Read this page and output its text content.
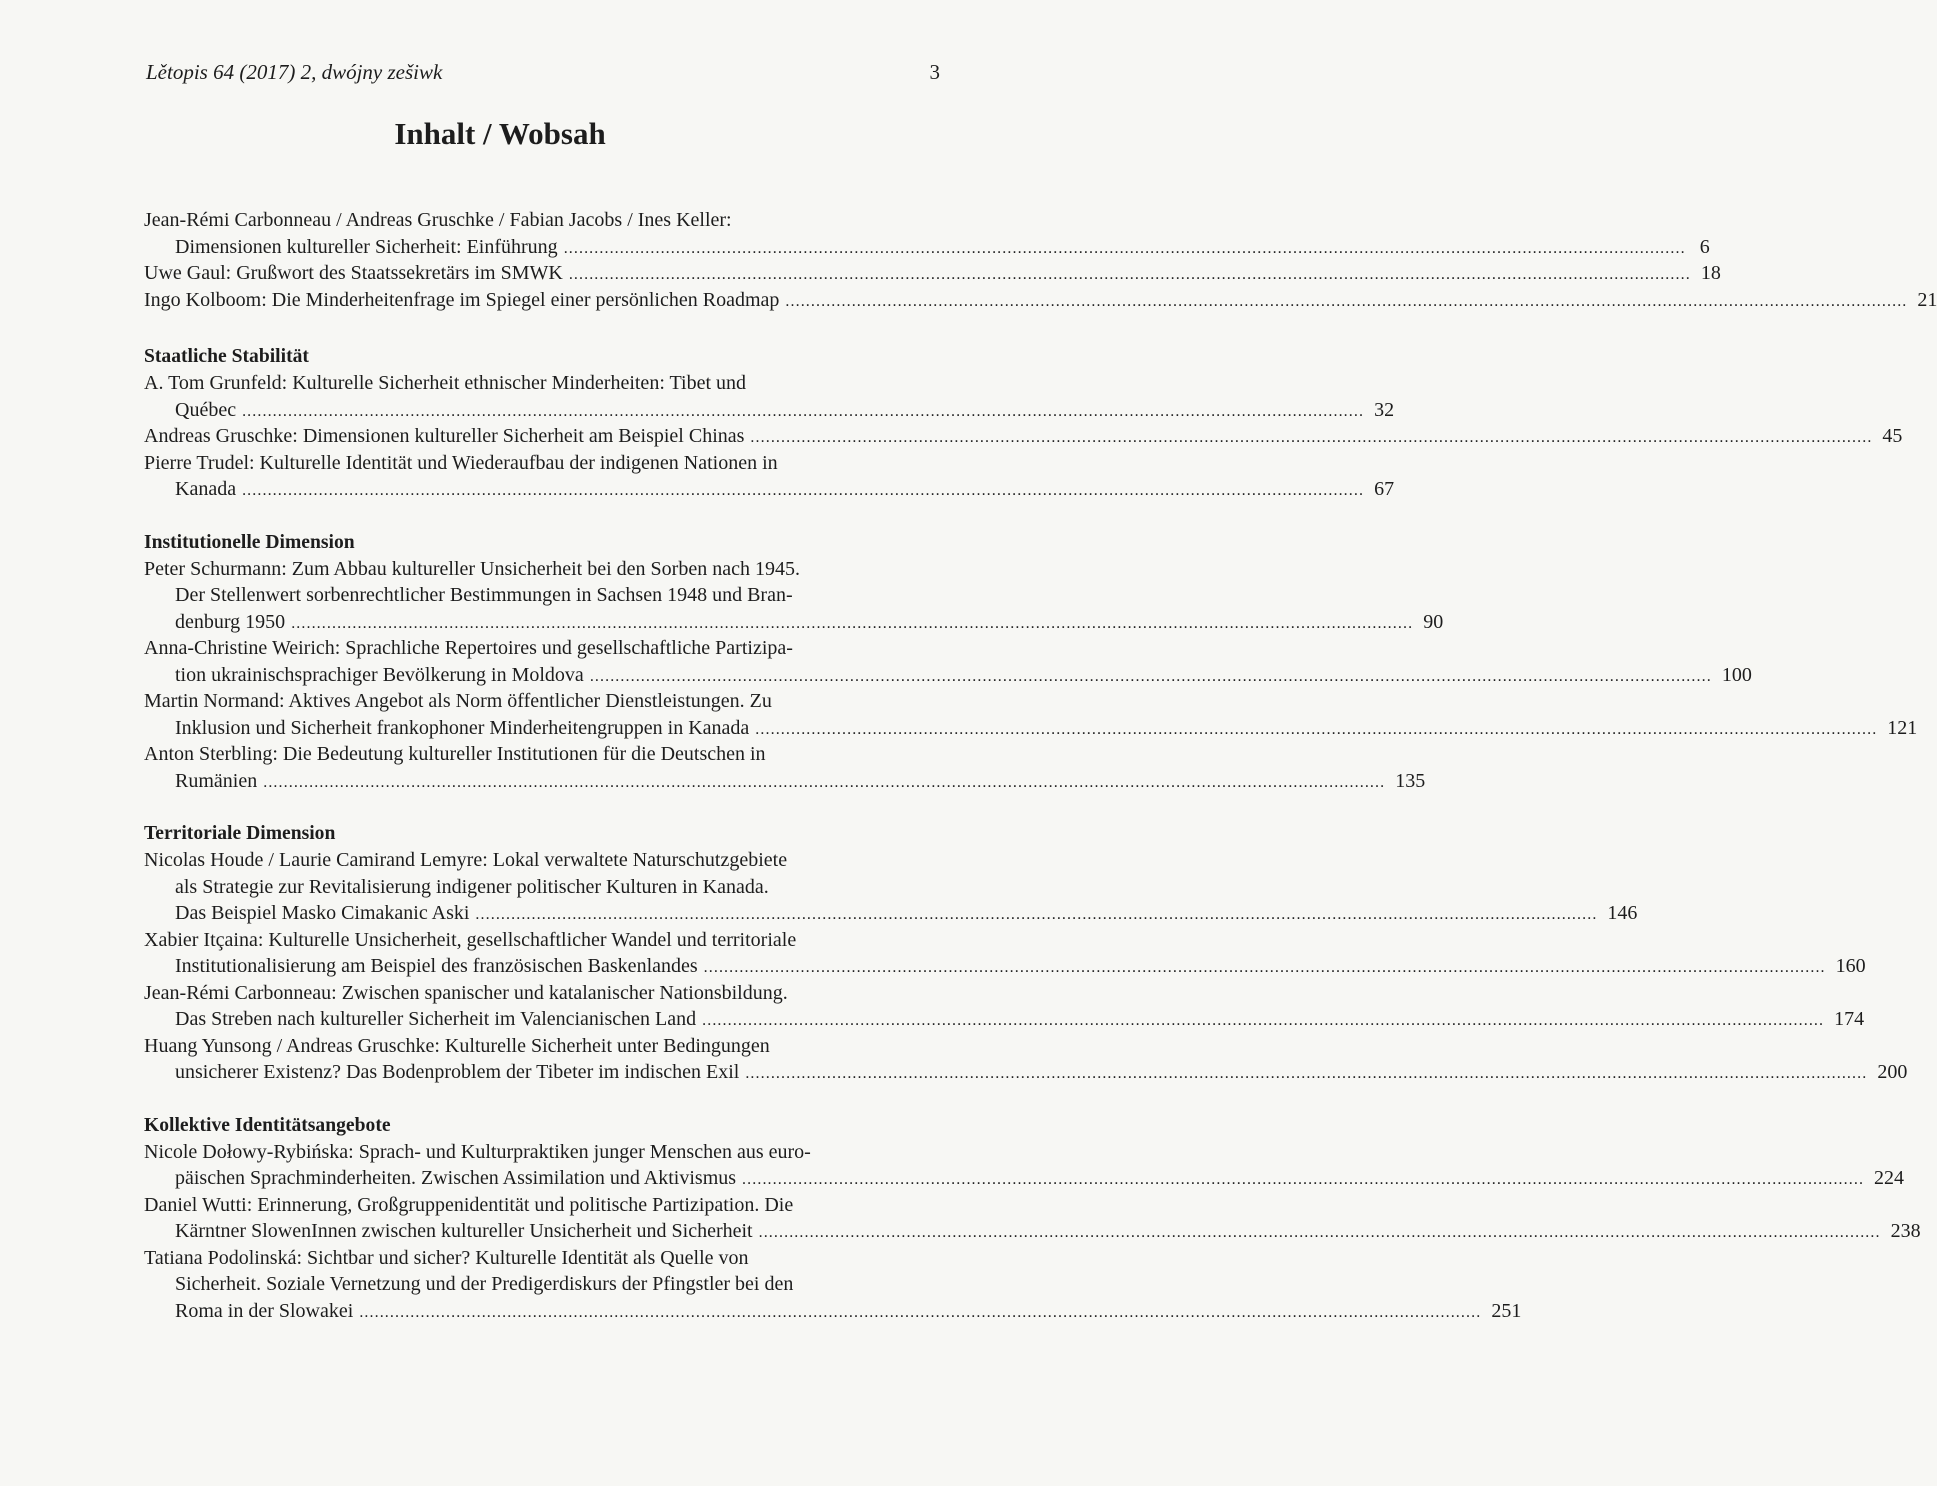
Lětopis 64 (2017) 2, dwójny zešiwk	3
Inhalt / Wobsah
Jean-Rémi Carbonneau / Andreas Gruschke / Fabian Jacobs / Ines Keller:
Dimensionen kultureller Sicherheit: Einführung ............................................................................................................................................................................................................................ 6
Uwe Gaul: Grußwort des Staatssekretärs im SMWK ............................................................................................................................................................................................................................ 18
Ingo Kolboom: Die Minderheitenfrage im Spiegel einer persönlichen Roadmap ............................................................................................................................................................................................................................ 21
Staatliche Stabilität
A. Tom Grunfeld: Kulturelle Sicherheit ethnischer Minderheiten: Tibet und
Québec ............................................................................................................................................................................................................................ 32
Andreas Gruschke: Dimensionen kultureller Sicherheit am Beispiel Chinas ............................................................................................................................................................................................................................ 45
Pierre Trudel: Kulturelle Identität und Wiederaufbau der indigenen Nationen in
Kanada ............................................................................................................................................................................................................................ 67
Institutionelle Dimension
Peter Schurmann: Zum Abbau kultureller Unsicherheit bei den Sorben nach 1945.
Der Stellenwert sorbenrechtlicher Bestimmungen in Sachsen 1948 und Bran-
denburg 1950 ............................................................................................................................................................................................................................ 90
Anna-Christine Weirich: Sprachliche Repertoires und gesellschaftliche Partizipa-
tion ukrainischsprachiger Bevölkerung in Moldova ............................................................................................................................................................................................................................ 100
Martin Normand: Aktives Angebot als Norm öffentlicher Dienstleistungen. Zu
Inklusion und Sicherheit frankophoner Minderheitengruppen in Kanada ............................................................................................................................................................................................................................ 121
Anton Sterbling: Die Bedeutung kultureller Institutionen für die Deutschen in
Rumänien ............................................................................................................................................................................................................................ 135
Territoriale Dimension
Nicolas Houde / Laurie Camirand Lemyre: Lokal verwaltete Naturschutzgebiete
als Strategie zur Revitalisierung indigener politischer Kulturen in Kanada.
Das Beispiel Masko Cimakanic Aski ............................................................................................................................................................................................................................ 146
Xabier Itçaina: Kulturelle Unsicherheit, gesellschaftlicher Wandel und territoriale
Institutionalisierung am Beispiel des französischen Baskenlandes ............................................................................................................................................................................................................................ 160
Jean-Rémi Carbonneau: Zwischen spanischer und katalanischer Nationsbildung.
Das Streben nach kultureller Sicherheit im Valencianischen Land ............................................................................................................................................................................................................................ 174
Huang Yunsong / Andreas Gruschke: Kulturelle Sicherheit unter Bedingungen
unsicherer Existenz? Das Bodenproblem der Tibeter im indischen Exil ............................................................................................................................................................................................................................ 200
Kollektive Identitätsangebote
Nicole Dołowy-Rybińska: Sprach- und Kulturpraktiken junger Menschen aus euro-
päischen Sprachminderheiten. Zwischen Assimilation und Aktivismus ............................................................................................................................................................................................................................ 224
Daniel Wutti: Erinnerung, Großgruppenidentität und politische Partizipation. Die
Kärntner SlowenInnen zwischen kultureller Unsicherheit und Sicherheit ............................................................................................................................................................................................................................ 238
Tatiana Podolinská: Sichtbar und sicher? Kulturelle Identität als Quelle von
Sicherheit. Soziale Vernetzung und der Predigerdiskurs der Pfingstler bei den
Roma in der Slowakei ............................................................................................................................................................................................................................ 251
